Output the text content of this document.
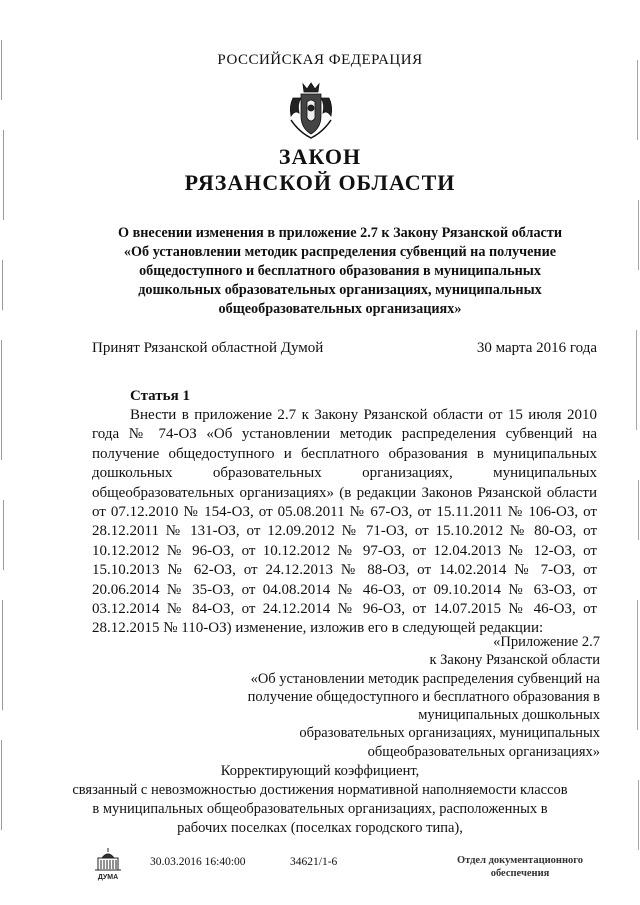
РОССИЙСКАЯ ФЕДЕРАЦИЯ
ЗАКОН
РЯЗАНСКОЙ ОБЛАСТИ
О внесении изменения в приложение 2.7 к Закону Рязанской области
«Об установлении методик распределения субвенций на получение
общедоступного и бесплатного образования в муниципальных
дошкольных образовательных организациях, муниципальных
общеобразовательных организациях»
Принят Рязанской областной Думой	30 марта 2016 года
Статья 1
Внести в приложение 2.7 к Закону Рязанской области от 15 июля 2010 года № 74-ОЗ «Об установлении методик распределения субвенций на получение общедоступного и бесплатного образования в муниципальных дошкольных образовательных организациях, муниципальных общеобразовательных организациях» (в редакции Законов Рязанской области от 07.12.2010 № 154-ОЗ, от 05.08.2011 № 67-ОЗ, от 15.11.2011 № 106-ОЗ, от 28.12.2011 № 131-ОЗ, от 12.09.2012 № 71-ОЗ, от 15.10.2012 № 80-ОЗ, от 10.12.2012 № 96-ОЗ, от 10.12.2012 № 97-ОЗ, от 12.04.2013 № 12-ОЗ, от 15.10.2013 № 62-ОЗ, от 24.12.2013 № 88-ОЗ, от 14.02.2014 № 7-ОЗ, от 20.06.2014 № 35-ОЗ, от 04.08.2014 № 46-ОЗ, от 09.10.2014 № 63-ОЗ, от 03.12.2014 № 84-ОЗ, от 24.12.2014 № 96-ОЗ, от 14.07.2015 № 46-ОЗ, от 28.12.2015 № 110-ОЗ) изменение, изложив его в следующей редакции:
«Приложение 2.7
к Закону Рязанской области
«Об установлении методик распределения субвенций на
получение общедоступного и бесплатного образования в
муниципальных дошкольных
образовательных организациях, муниципальных
общеобразовательных организациях»
Корректирующий коэффициент,
связанный с невозможностью достижения нормативной наполняемости классов
в муниципальных общеобразовательных организациях, расположенных в
рабочих поселках (поселках городского типа),
ДУМА
30.03.2016 16:40:00	34621/1-6	Отдел документационного
обеспечения
